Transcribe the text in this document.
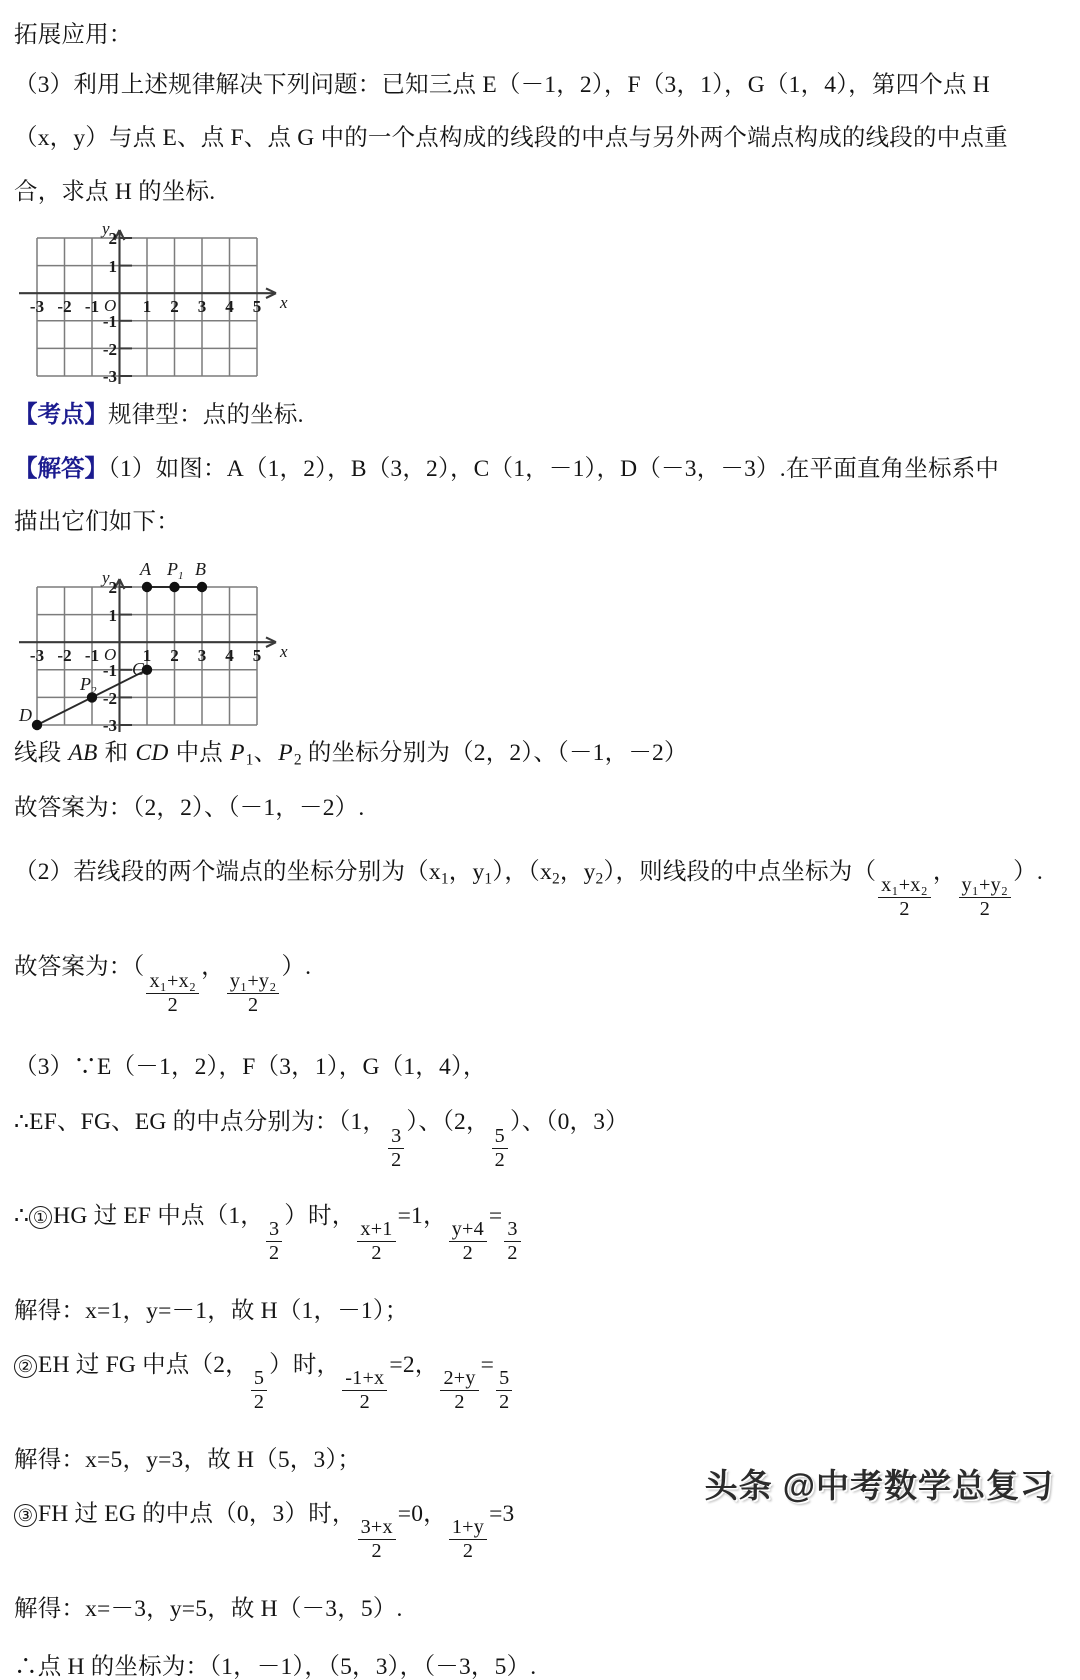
拓展应用：
（3）利用上述规律解决下列问题：已知三点 E（－1，2），F（3，1），G（1，4），第四个点 H
（x，y）与点 E、点 F、点 G 中的一个点构成的线段的中点与另外两个端点构成的线段的中点重
合，求点 H 的坐标.
y
x
O
-3 -2 -1	1 2 3 4 5
2
1
-1
-2
-3
【考点】规律型：点的坐标.
【解答】（1）如图：A（1，2），B（3，2），C（1，－1），D（－3，－3）.在平面直角坐标系中
描出它们如下：
A $P_1$ B
C
$P_2$
D
y
x
O
-3 -2 -1	1 2 3 4 5
2
1
-1
-2
-3
线段 AB 和 CD 中点 P1、P2 的坐标分别为（2，2）、（－1，－2）
故答案为：（2，2）、（－1，－2）.
（2）若线段的两个端点的坐标分别为（x1，y1），（x2，y2），则线段的中点坐标为（
$\frac{\text{x₁+x₂}}{2}$
，
$\frac{\text{y₁+y₂}}{2}$
）.
故答案为：（
$\frac{\text{x₁+x₂}}{2}$
，
$\frac{\text{y₁+y₂}}{2}$
）.
（3）∵E（－1，2），F（3，1），G（1，4），
∴EF、FG、EG 的中点分别为：（1，
$\frac{3}{2}$
）、（2，
$\frac{5}{2}$
）、（0，3）
∴ ① HG 过 EF 中点（1，
$\frac{3}{2}$
）时，
$\frac{x+1}{2}$
=1，
$\frac{y+4}{2}$
=
$\frac{3}{2}$
解得：x=1，y=－1，故 H（1，－1）；
② EH 过 FG 中点（2，
$\frac{5}{2}$
）时，
$\frac{-1+x}{2}$
=2，
$\frac{2+y}{2}$
=
$\frac{5}{2}$
解得：x=5，y=3，故 H（5，3）；
③ FH 过 EG 的中点（0，3）时，
$\frac{3+x}{2}$
=0，
$\frac{1+y}{2}$
=3
解得：x=－3，y=5，故 H（－3，5）.
∴点 H 的坐标为：（1，－1），（5，3），（－3，5）.
头条 @中考数学总复习
